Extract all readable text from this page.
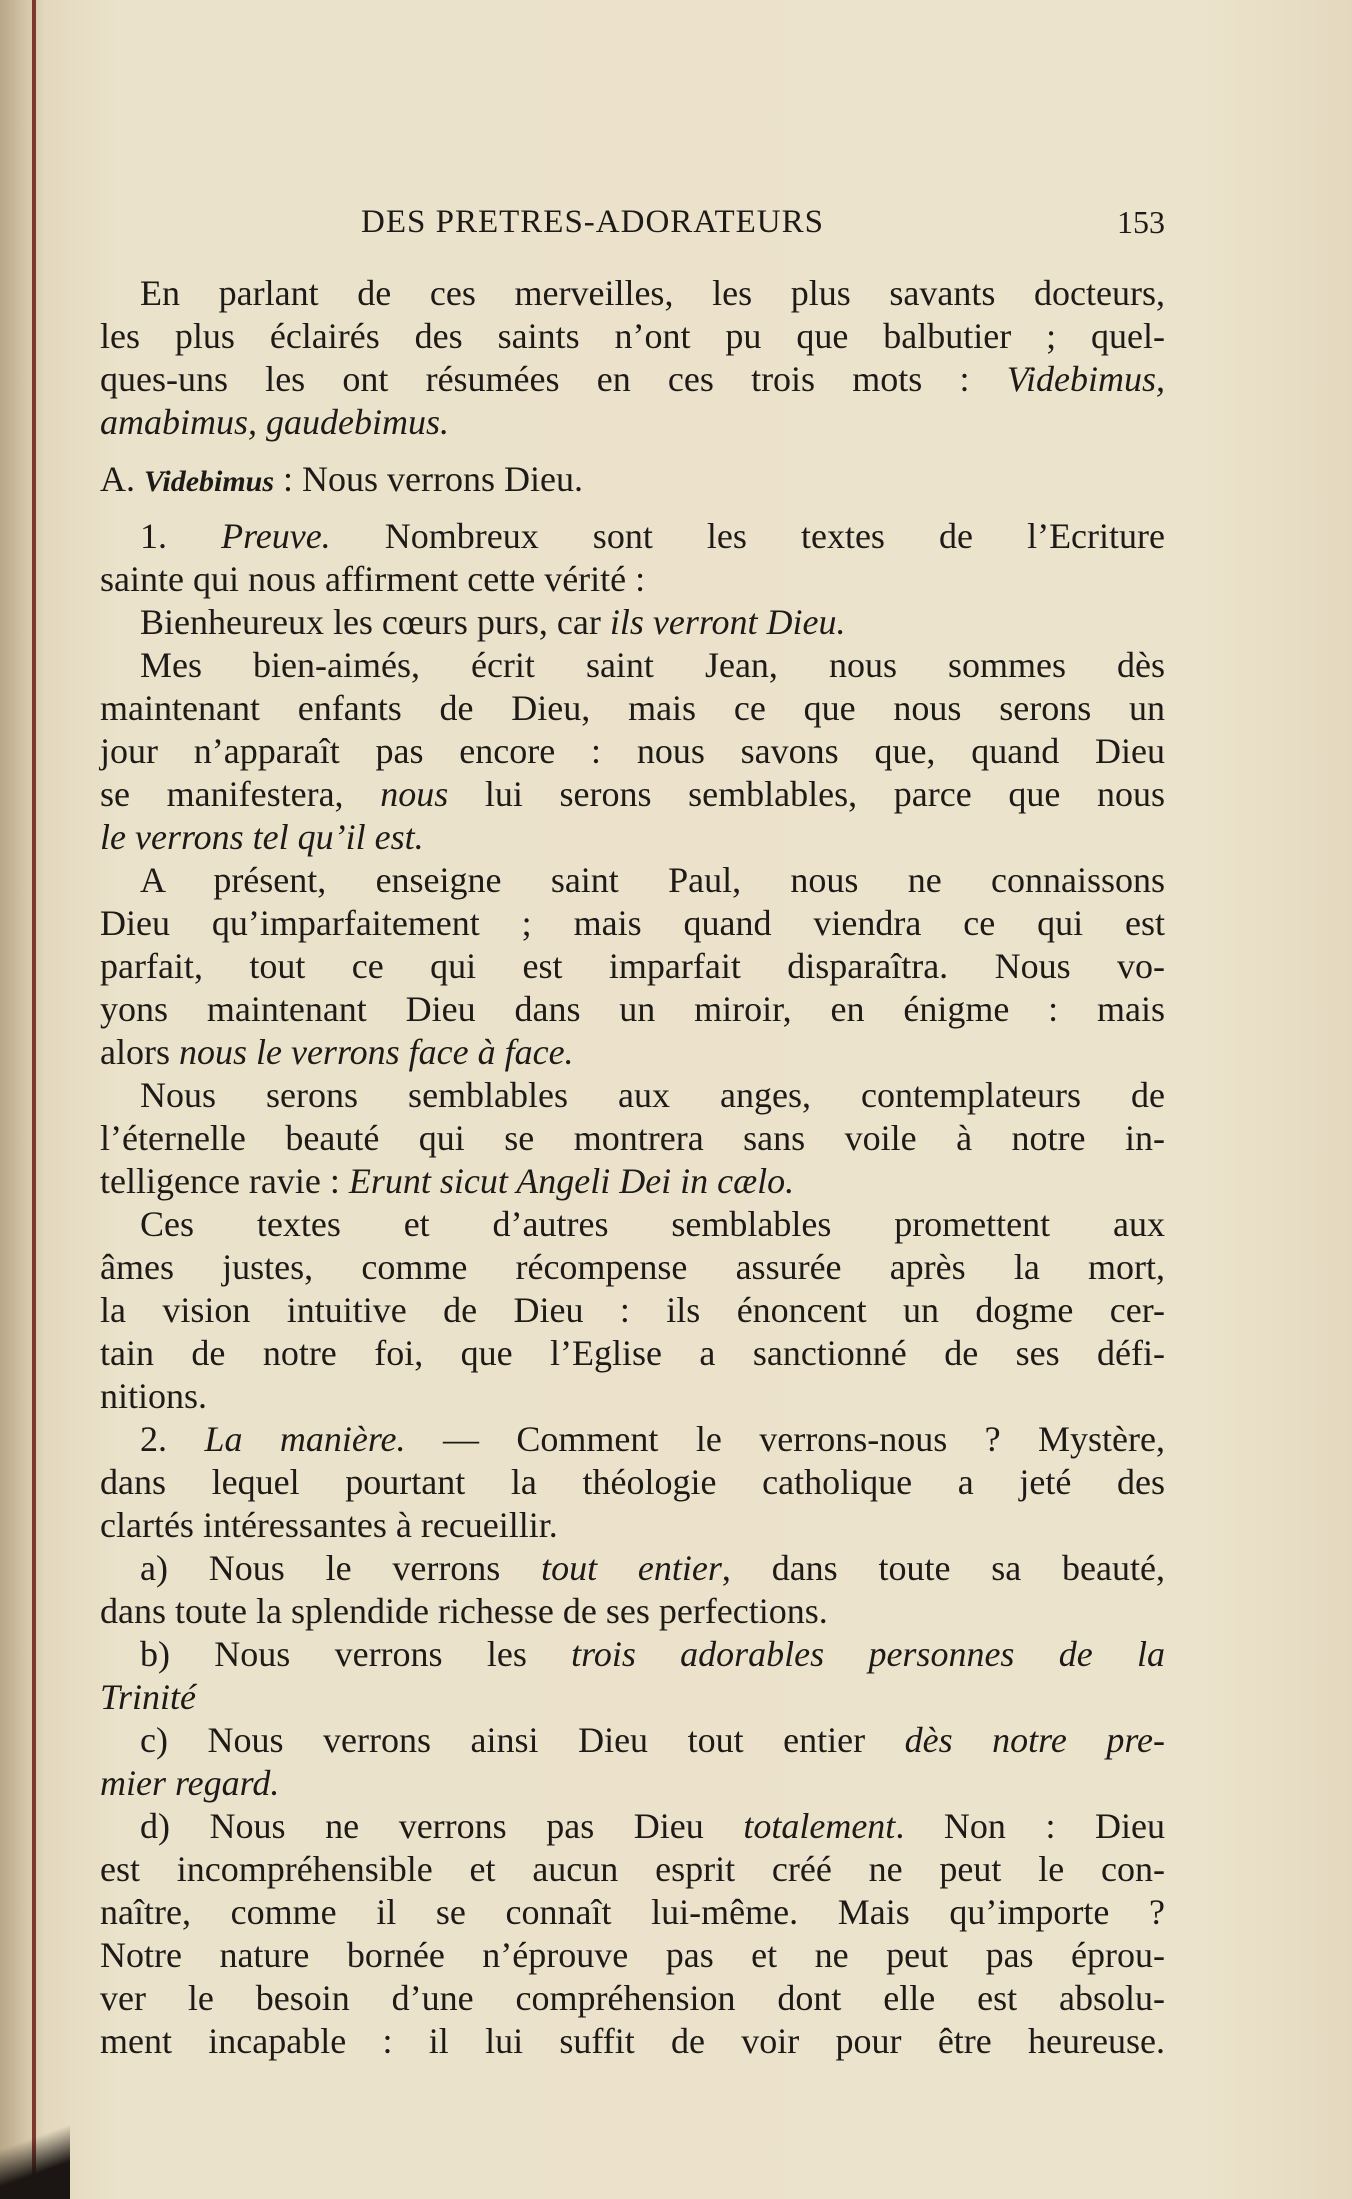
DES PRETRES-ADORATEURS	153
En parlant de ces merveilles, les plus savants docteurs,
les plus éclairés des saints n’ont pu que balbutier ; quel-
ques-uns les ont résumées en ces trois mots : Videbimus,
amabimus, gaudebimus.
A. Videbimus : Nous verrons Dieu.
1. Preuve. Nombreux sont les textes de l’Ecriture
sainte qui nous affirment cette vérité :
Bienheureux les cœurs purs, car ils verront Dieu.
Mes bien-aimés, écrit saint Jean, nous sommes dès
maintenant enfants de Dieu, mais ce que nous serons un
jour n’apparaît pas encore : nous savons que, quand Dieu
se manifestera, nous lui serons semblables, parce que nous
le verrons tel qu’il est.
A présent, enseigne saint Paul, nous ne connaissons
Dieu qu’imparfaitement ; mais quand viendra ce qui est
parfait, tout ce qui est imparfait disparaîtra. Nous vo-
yons maintenant Dieu dans un miroir, en énigme : mais
alors nous le verrons face à face.
Nous serons semblables aux anges, contemplateurs de
l’éternelle beauté qui se montrera sans voile à notre in-
telligence ravie : Erunt sicut Angeli Dei in cælo.
Ces textes et d’autres semblables promettent aux
âmes justes, comme récompense assurée après la mort,
la vision intuitive de Dieu : ils énoncent un dogme cer-
tain de notre foi, que l’Eglise a sanctionné de ses défi-
nitions.
2. La manière. — Comment le verrons-nous ? Mystère,
dans lequel pourtant la théologie catholique a jeté des
clartés intéressantes à recueillir.
a) Nous le verrons tout entier, dans toute sa beauté,
dans toute la splendide richesse de ses perfections.
b) Nous verrons les trois adorables personnes de la
Trinité
c) Nous verrons ainsi Dieu tout entier dès notre pre-
mier regard.
d) Nous ne verrons pas Dieu totalement. Non : Dieu
est incompréhensible et aucun esprit créé ne peut le con-
naître, comme il se connaît lui-même. Mais qu’importe ?
Notre nature bornée n’éprouve pas et ne peut pas éprou-
ver le besoin d’une compréhension dont elle est absolu-
ment incapable : il lui suffit de voir pour être heureuse.
